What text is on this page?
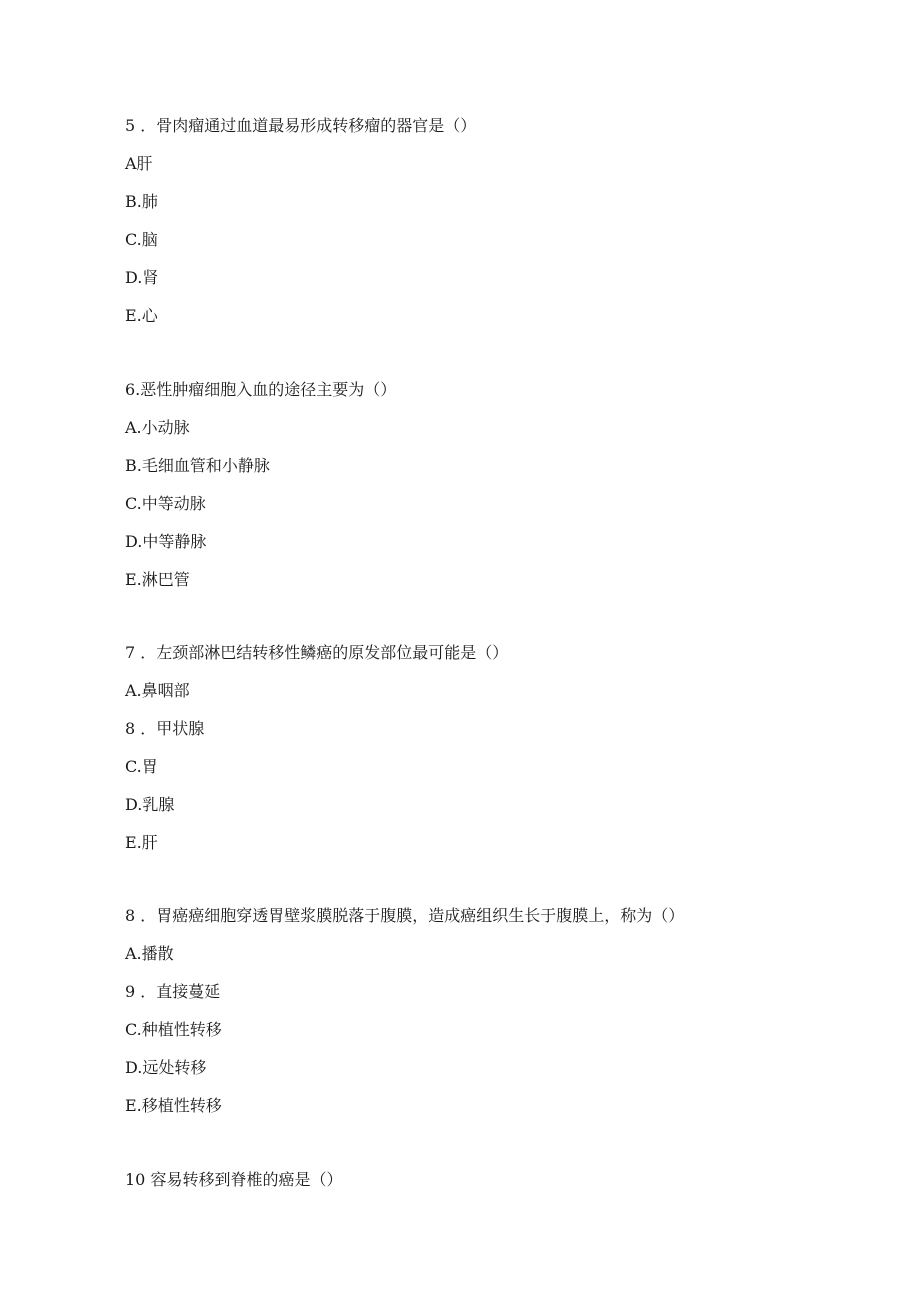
5 ．骨肉瘤通过血道最易形成转移瘤的器官是（）
A肝
B.肺
C.脑
D.肾
E.心
6.恶性肿瘤细胞入血的途径主要为（）
A.小动脉
B.毛细血管和小静脉
C.中等动脉
D.中等静脉
E.淋巴管
7 ．左颈部淋巴结转移性鳞癌的原发部位最可能是（）
A.鼻咽部
8 ．甲状腺
C.胃
D.乳腺
E.肝
8 ．胃癌癌细胞穿透胃壁浆膜脱落于腹膜，造成癌组织生长于腹膜上，称为（）
A.播散
9 ．直接蔓延
C.种植性转移
D.远处转移
E.移植性转移
10 容易转移到脊椎的癌是（）
